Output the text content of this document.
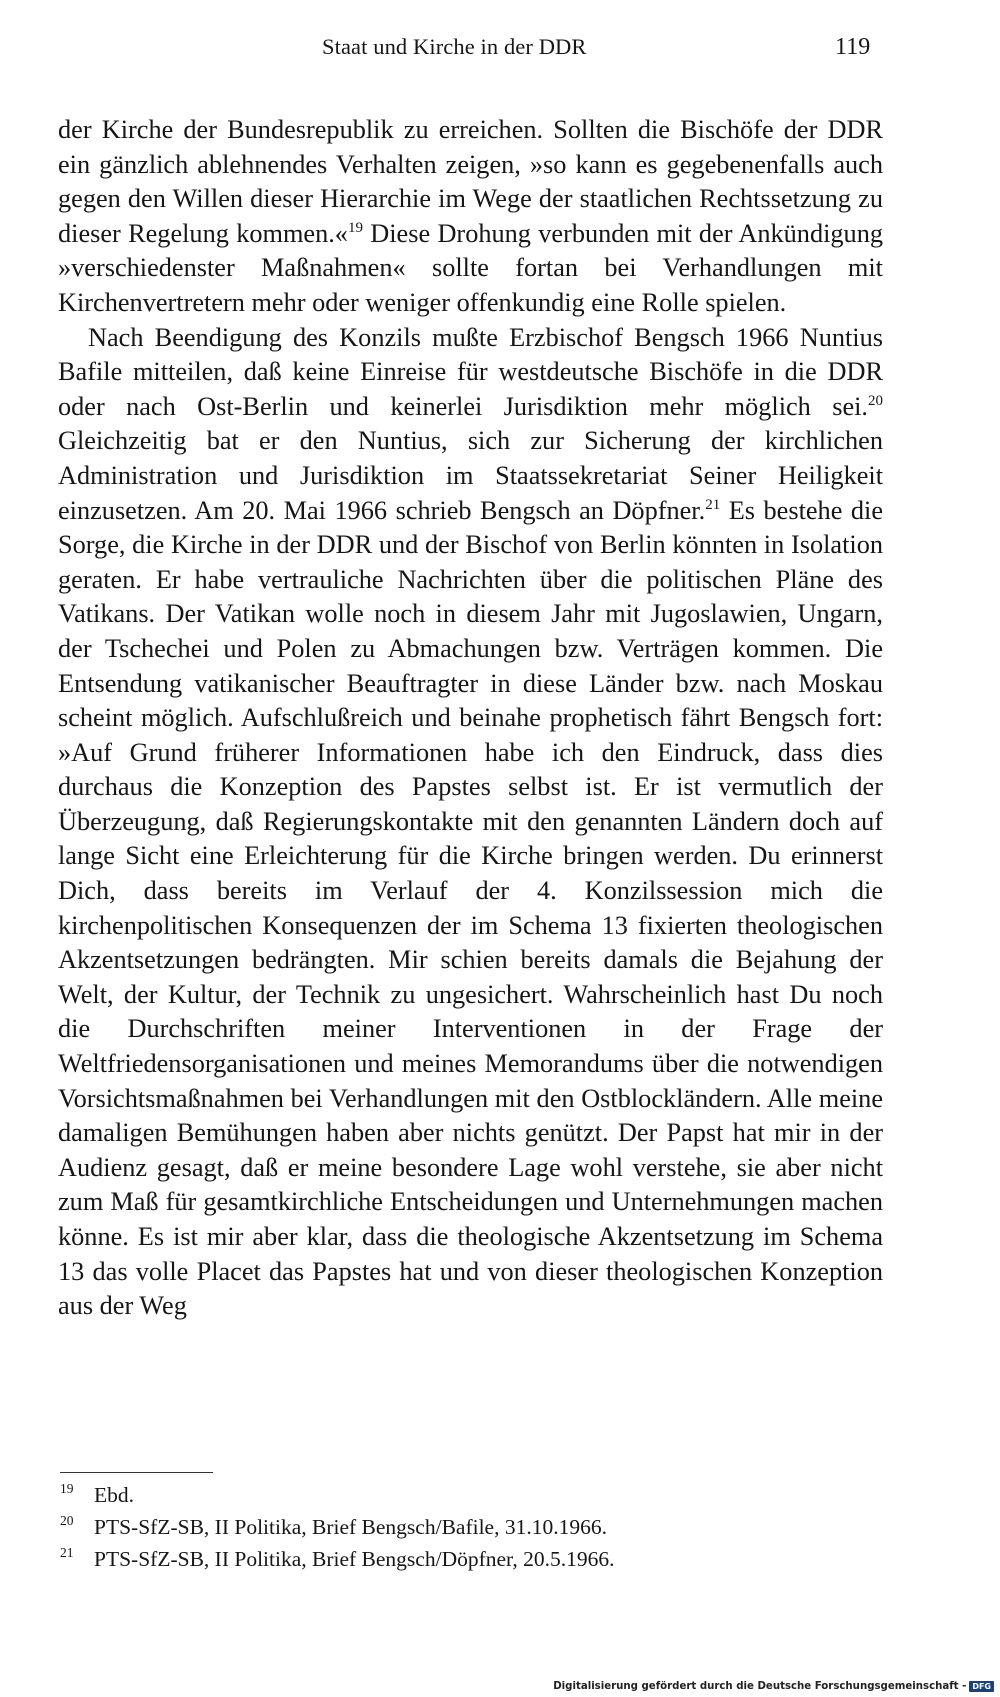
Staat und Kirche in der DDR	119

der Kirche der Bundesrepublik zu erreichen. Sollten die Bischöfe der DDR ein gänzlich ablehnendes Verhalten zeigen, »so kann es gegebenenfalls auch gegen den Willen dieser Hierarchie im Wege der staatlichen Rechtssetzung zu dieser Regelung kommen.«$^{19}$ Diese Drohung verbunden mit der Ankündigung »verschiedenster Maßnahmen« sollte fortan bei Verhandlungen mit Kirchenvertretern mehr oder weniger offenkundig eine Rolle spielen.

Nach Beendigung des Konzils mußte Erzbischof Bengsch 1966 Nuntius Bafile mitteilen, daß keine Einreise für westdeutsche Bischöfe in die DDR oder nach Ost-Berlin und keinerlei Jurisdiktion mehr möglich sei.$^{20}$ Gleichzeitig bat er den Nuntius, sich zur Sicherung der kirchlichen Administration und Jurisdiktion im Staatssekretariat Seiner Heiligkeit einzusetzen. Am 20. Mai 1966 schrieb Bengsch an Döpfner.$^{21}$ Es bestehe die Sorge, die Kirche in der DDR und der Bischof von Berlin könnten in Isolation geraten. Er habe vertrauliche Nachrichten über die politischen Pläne des Vatikans. Der Vatikan wolle noch in diesem Jahr mit Jugoslawien, Ungarn, der Tschechei und Polen zu Abmachungen bzw. Verträgen kommen. Die Entsendung vatikanischer Beauftragter in diese Länder bzw. nach Moskau scheint möglich. Aufschlußreich und beinahe prophetisch fährt Bengsch fort: »Auf Grund früherer Informationen habe ich den Eindruck, dass dies durchaus die Konzeption des Papstes selbst ist. Er ist vermutlich der Überzeugung, daß Regierungskontakte mit den genannten Ländern doch auf lange Sicht eine Erleichterung für die Kirche bringen werden. Du erinnerst Dich, dass bereits im Verlauf der 4. Konzilssession mich die kirchenpolitischen Konsequenzen der im Schema 13 fixierten theologischen Akzentsetzungen bedrängten. Mir schien bereits damals die Bejahung der Welt, der Kultur, der Technik zu ungesichert. Wahrscheinlich hast Du noch die Durchschriften meiner Interventionen in der Frage der Weltfriedensorganisationen und meines Memorandums über die notwendigen Vorsichtsmaßnahmen bei Verhandlungen mit den Ostblockländern. Alle meine damaligen Bemühungen haben aber nichts genützt. Der Papst hat mir in der Audienz gesagt, daß er meine besondere Lage wohl verstehe, sie aber nicht zum Maß für gesamtkirchliche Entscheidungen und Unternehmungen machen könne. Es ist mir aber klar, dass die theologische Akzentsetzung im Schema 13 das volle Placet das Papstes hat und von dieser theologischen Konzeption aus der Weg

19 Ebd.
20 PTS-SfZ-SB, II Politika, Brief Bengsch/Bafile, 31.10.1966.
21 PTS-SfZ-SB, II Politika, Brief Bengsch/Döpfner, 20.5.1966.
Digitalisierung gefördert durch die Deutsche Forschungsgemeinschaft - DFG
